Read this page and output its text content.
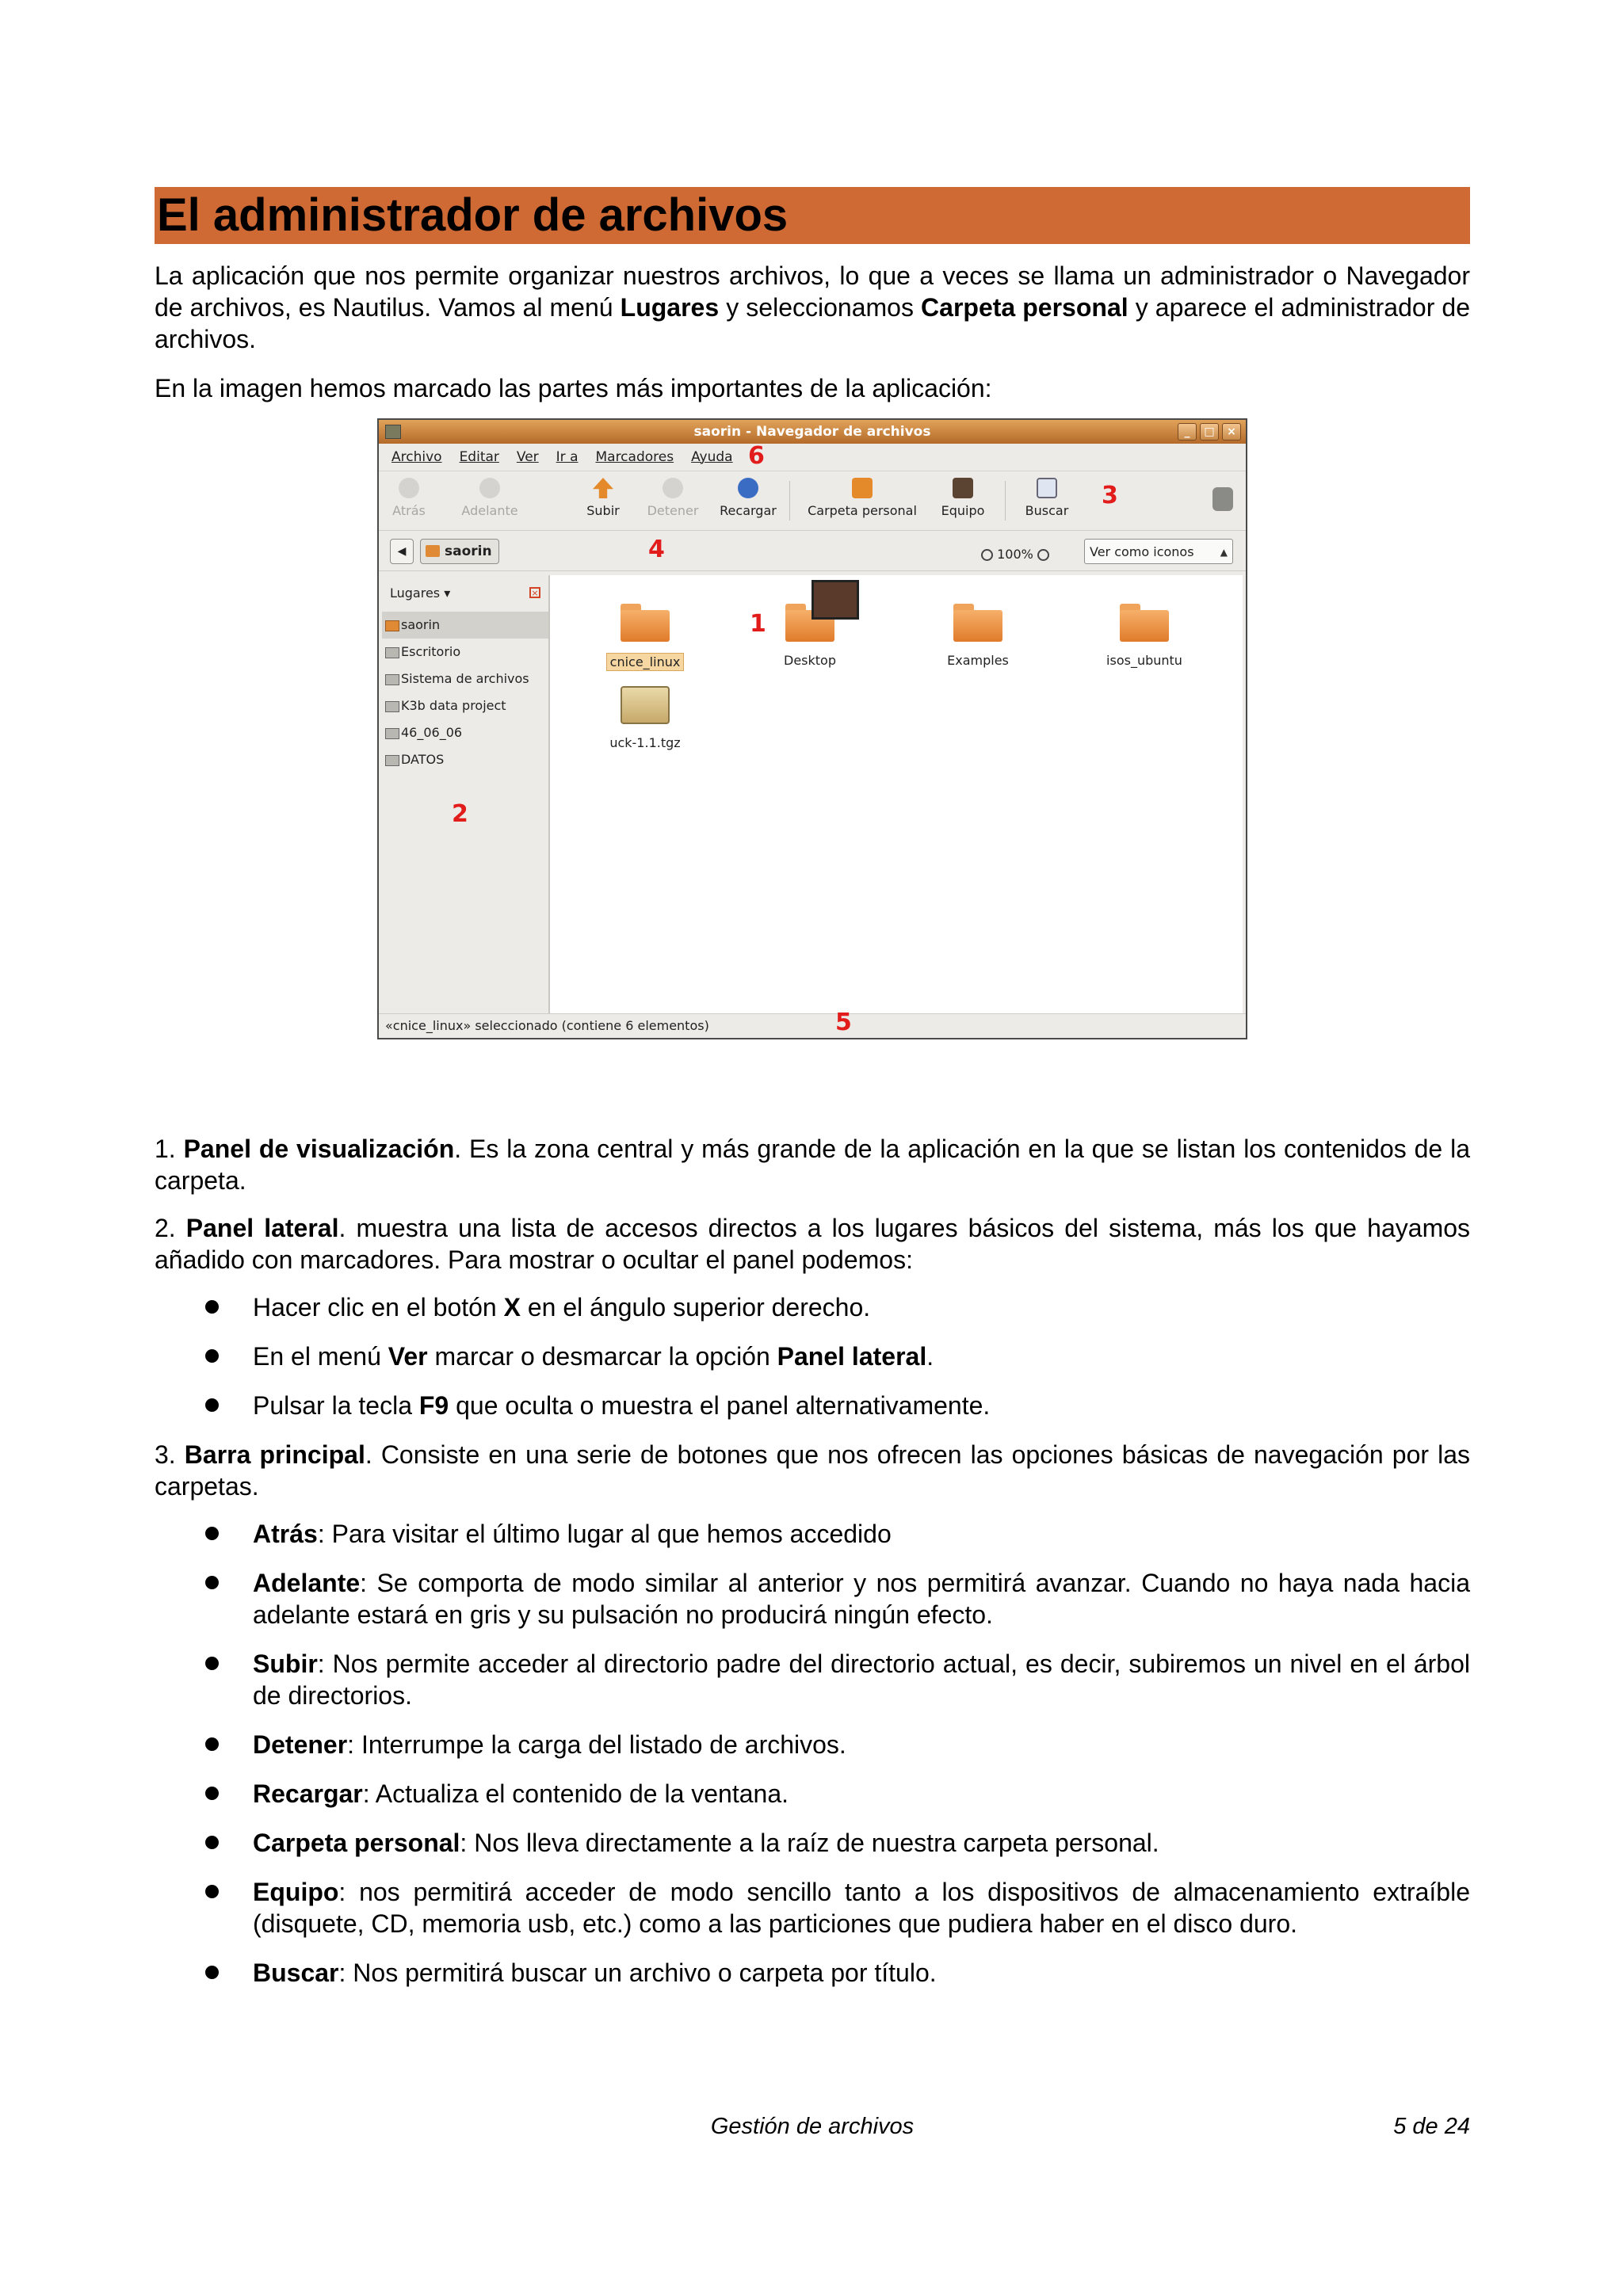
El administrador de archivos

La aplicación que nos permite organizar nuestros archivos, lo que a veces se llama un administrador o Navegador de archivos, es Nautilus. Vamos al menú Lugares y seleccionamos Carpeta personal y aparece el administrador de archivos.

En la imagen hemos marcado las partes más importantes de la aplicación:

saorin - Navegador de archivos	_	□	×
Archivo Editar Ver Ir a Marcadores Ayuda
Atrás	Adelante	Subir Detener Recargar	Carpeta personal	Equipo	Buscar
◀	saorin	100%	Ver como iconos	▲

Lugares ▾	×
saorin
Escritorio
Sistema de archivos
K3b data project
46_06_06
DATOS
cnice_linux	Desktop	Examples	isos_ubuntu
uck-1.1.tgz
«cnice_linux» seleccionado (contiene 6 elementos)
1
2
3
4
5
6

1. Panel de visualización. Es la zona central y más grande de la aplicación en la que se listan los contenidos de la carpeta.

2. Panel lateral. muestra una lista de accesos directos a los lugares básicos del sistema, más los que hayamos añadido con marcadores. Para mostrar o ocultar el panel podemos:

Hacer clic en el botón X en el ángulo superior derecho.
En el menú Ver marcar o desmarcar la opción Panel lateral.
Pulsar la tecla F9 que oculta o muestra el panel alternativamente.

3. Barra principal. Consiste en una serie de botones que nos ofrecen las opciones básicas de navegación por las carpetas.

Atrás: Para visitar el último lugar al que hemos accedido
Adelante: Se comporta de modo similar al anterior y nos permitirá avanzar. Cuando no haya nada hacia adelante estará en gris y su pulsación no producirá ningún efecto.
Subir: Nos permite acceder al directorio padre del directorio actual, es decir, subiremos un nivel en el árbol de directorios.
Detener: Interrumpe la carga del listado de archivos.
Recargar: Actualiza el contenido de la ventana.
Carpeta personal: Nos lleva directamente a la raíz de nuestra carpeta personal.
Equipo: nos permitirá acceder de modo sencillo tanto a los dispositivos de almacenamiento extraíble (disquete, CD, memoria usb, etc.) como a las particiones que pudiera haber en el disco duro.
Buscar: Nos permitirá buscar un archivo o carpeta por título.
Gestión de archivos	5 de 24
